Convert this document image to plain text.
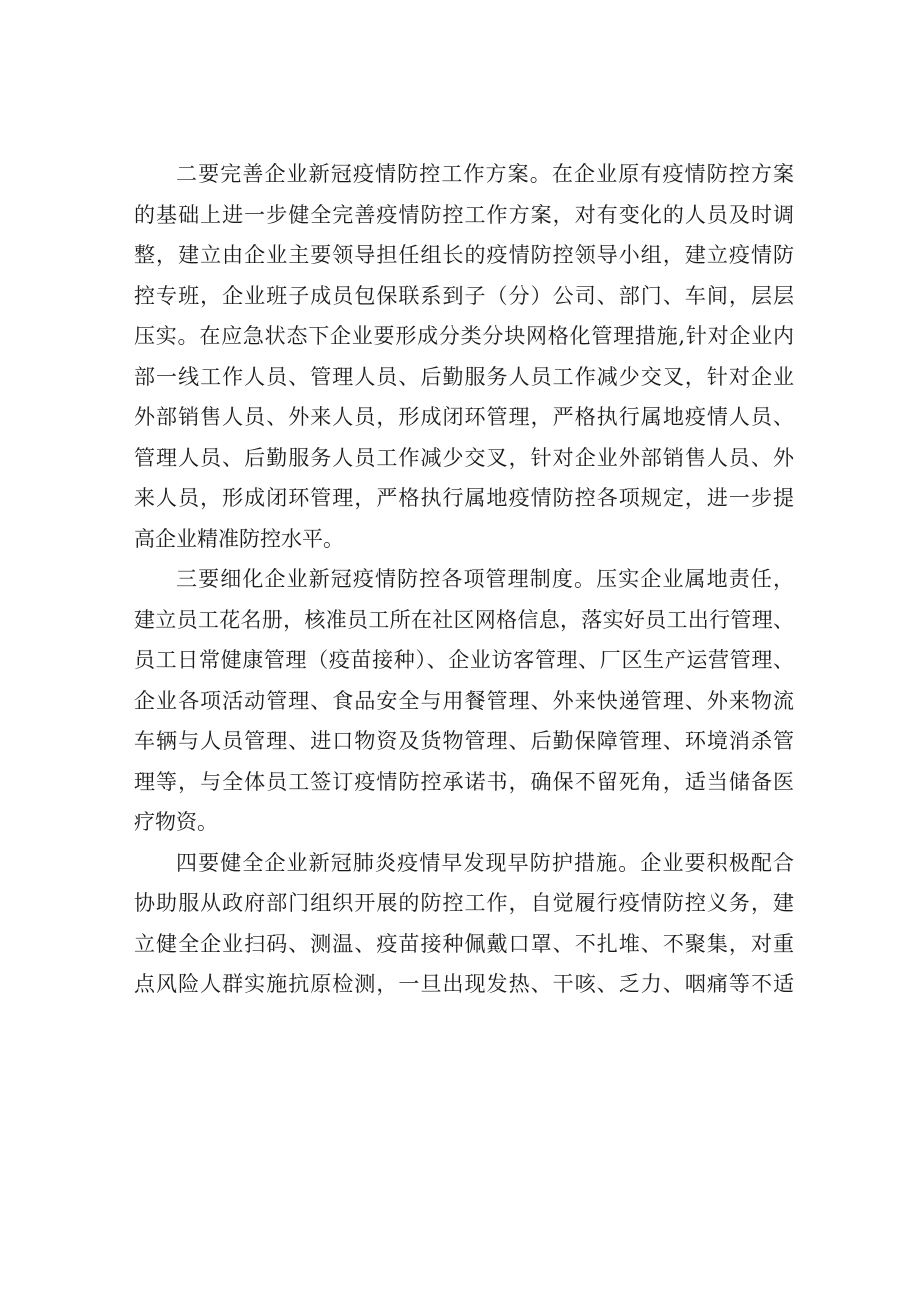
二要完善企业新冠疫情防控工作方案。在企业原有疫情防控方案
的基础上进一步健全完善疫情防控工作方案，对有变化的人员及时调
整，建立由企业主要领导担任组长的疫情防控领导小组，建立疫情防
控专班，企业班子成员包保联系到子（分）公司、部门、车间，层层
压实。在应急状态下企业要形成分类分块网格化管理措施,针对企业内
部一线工作人员、管理人员、后勤服务人员工作减少交叉，针对企业
外部销售人员、外来人员，形成闭环管理，严格执行属地疫情人员、
管理人员、后勤服务人员工作减少交叉，针对企业外部销售人员、外
来人员，形成闭环管理，严格执行属地疫情防控各项规定，进一步提
高企业精准防控水平。
三要细化企业新冠疫情防控各项管理制度。压实企业属地责任，
建立员工花名册，核准员工所在社区网格信息，落实好员工出行管理、
员工日常健康管理（疫苗接种）、企业访客管理、厂区生产运营管理、
企业各项活动管理、食品安全与用餐管理、外来快递管理、外来物流
车辆与人员管理、进口物资及货物管理、后勤保障管理、环境消杀管
理等，与全体员工签订疫情防控承诺书，确保不留死角，适当储备医
疗物资。
四要健全企业新冠肺炎疫情早发现早防护措施。企业要积极配合
协助服从政府部门组织开展的防控工作，自觉履行疫情防控义务，建
立健全企业扫码、测温、疫苗接种佩戴口罩、不扎堆、不聚集，对重
点风险人群实施抗原检测，一旦出现发热、干咳、乏力、咽痛等不适
